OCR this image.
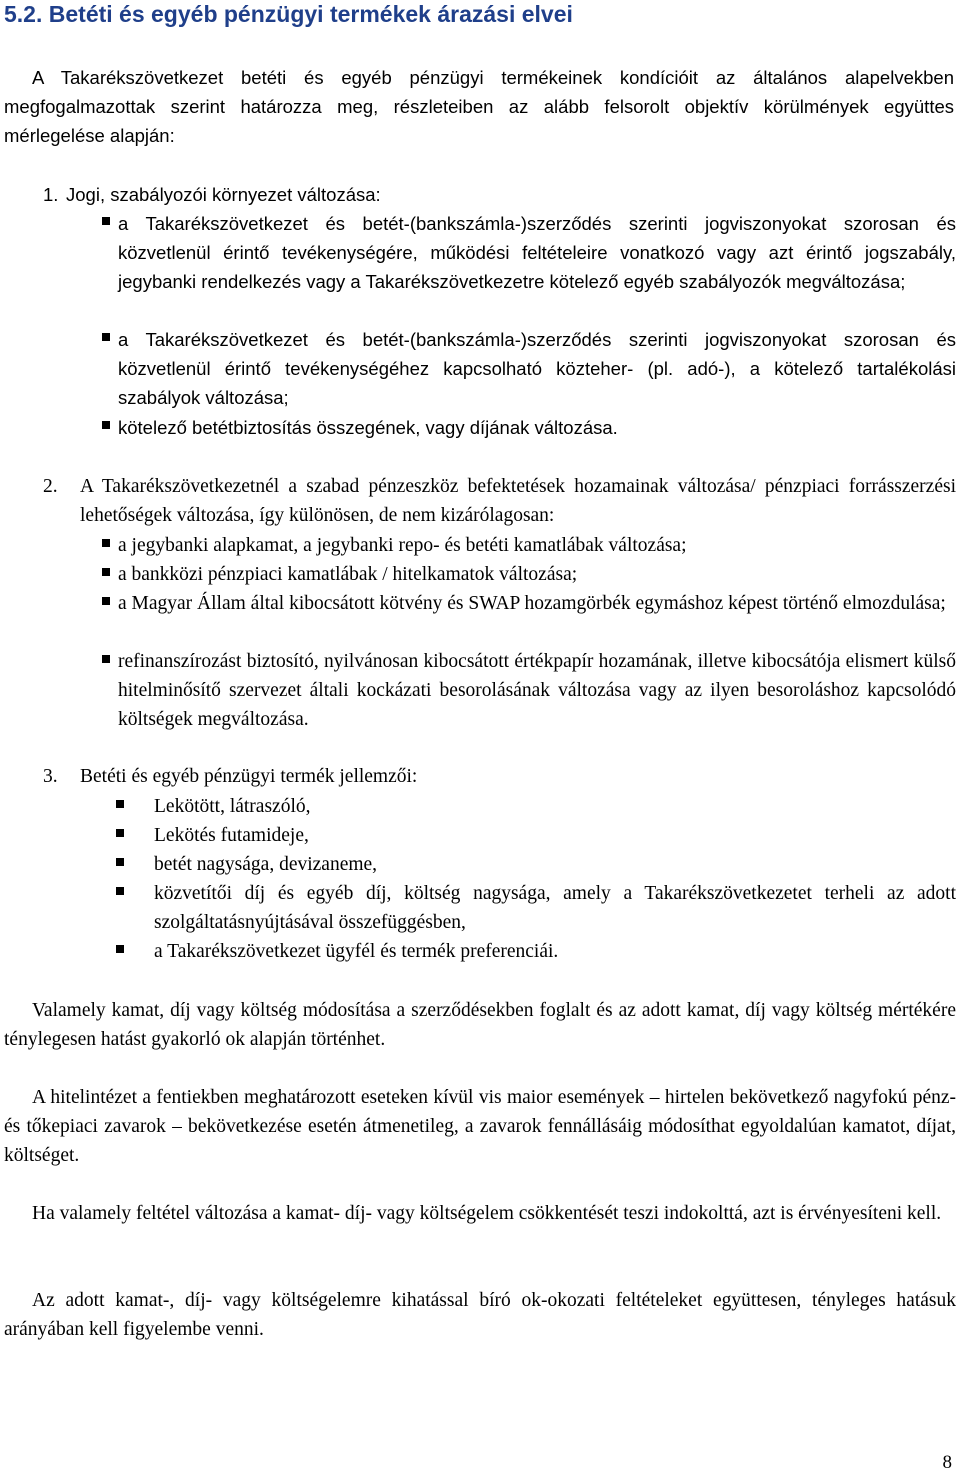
5.2. Betéti és egyéb pénzügyi termékek árazási elvei

A Takarékszövetkezet betéti és egyéb pénzügyi termékeinek kondícióit az általános alapelvekben megfogalmazottak szerint határozza meg, részleteiben az alább felsorolt objektív körülmények együttes mérlegelése alapján:

1. Jogi, szabályozói környezet változása:

a Takarékszövetkezet és betét-(bankszámla-)szerződés szerinti jogviszonyokat szorosan és közvetlenül érintő tevékenységére, működési feltételeire vonatkozó vagy azt érintő jogszabály, jegybanki rendelkezés vagy a Takarékszövetkezetre kötelező egyéb szabályozók megváltozása;

a Takarékszövetkezet és betét-(bankszámla-)szerződés szerinti jogviszonyokat szorosan és közvetlenül érintő tevékenységéhez kapcsolható közteher- (pl. adó-), a kötelező tartalékolási szabályok változása;

kötelező betétbiztosítás összegének, vagy díjának változása.

2. A Takarékszövetkezetnél a szabad pénzeszköz befektetések hozamainak változása/ pénzpiaci forrásszerzési lehetőségek változása, így különösen, de nem kizárólagosan:

a jegybanki alapkamat, a jegybanki repo- és betéti kamatlábak változása;

a bankközi pénzpiaci kamatlábak / hitelkamatok változása;

a Magyar Állam által kibocsátott kötvény és SWAP hozamgörbék egymáshoz képest történő elmozdulása;

refinanszírozást biztosító, nyilvánosan kibocsátott értékpapír hozamának, illetve kibocsátója elismert külső hitelminősítő szervezet általi kockázati besorolásának változása vagy az ilyen besoroláshoz kapcsolódó költségek megváltozása.

3. Betéti és egyéb pénzügyi termék jellemzői:

Lekötött, látraszóló,

Lekötés futamideje,

betét nagysága, devizaneme,

közvetítői díj és egyéb díj, költség nagysága, amely a Takarékszövetkezetet terheli az adott szolgáltatásnyújtásával összefüggésben,

a Takarékszövetkezet ügyfél és termék preferenciái.

Valamely kamat, díj vagy költség módosítása a szerződésekben foglalt és az adott kamat, díj vagy költség mértékére ténylegesen hatást gyakorló ok alapján történhet.

A hitelintézet a fentiekben meghatározott eseteken kívül vis maior események – hirtelen bekövetkező nagyfokú pénz- és tőkepiaci zavarok – bekövetkezése esetén átmenetileg, a zavarok fennállásáig módosíthat egyoldalúan kamatot, díjat, költséget.

Ha valamely feltétel változása a kamat- díj- vagy költségelem csökkentését teszi indokolttá, azt is érvényesíteni kell.

Az adott kamat-, díj- vagy költségelemre kihatással bíró ok-okozati feltételeket együttesen, tényleges hatásuk arányában kell figyelembe venni.

8
